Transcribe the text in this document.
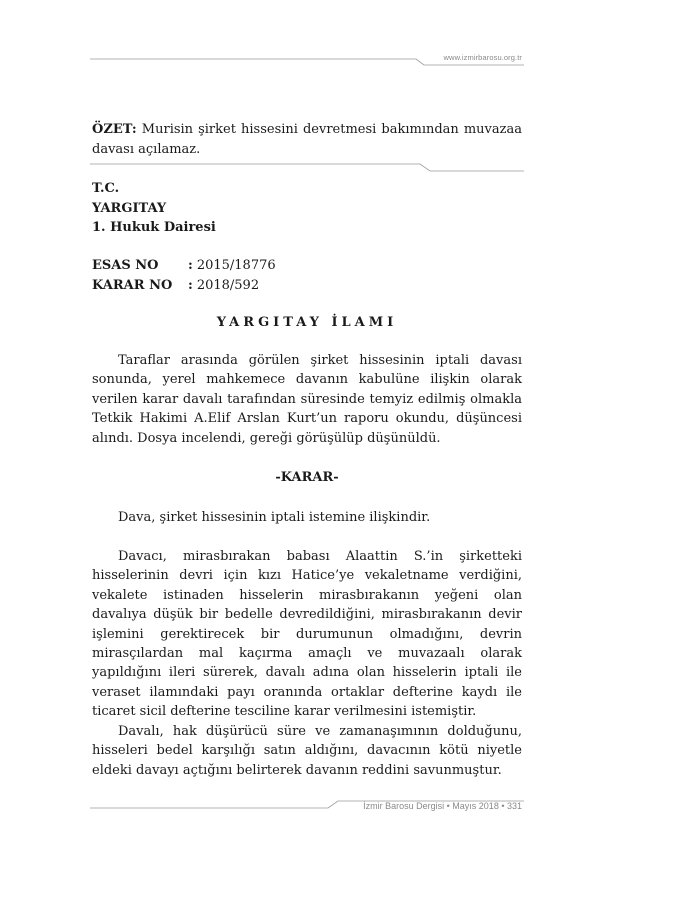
www.izmirbarosu.org.tr
ÖZET: Murisin şirket hissesini devretmesi bakımından muvazaa davası açılamaz.
T.C.
YARGITAY
1. Hukuk Dairesi
ESAS NO	: 2015/18776
KARAR NO	: 2018/592
YARGITAY İLAMI
Taraflar arasında görülen şirket hissesinin iptali davası sonunda, yerel mahkemece davanın kabulüne ilişkin olarak verilen karar davalı tarafından süresinde temyiz edilmiş olmakla Tetkik Hakimi A.Elif Arslan Kurt’un raporu okundu, düşüncesi alındı. Dosya incelendi, gereği görüşülüp düşünüldü.
-KARAR-
Dava, şirket hissesinin iptali istemine ilişkindir.
Davacı, mirasbırakan babası Alaattin S.’in şirketteki hisselerinin devri için kızı Hatice’ye vekaletname verdiğini, vekalete istinaden hisselerin mirasbırakanın yeğeni olan davalıya düşük bir bedelle devredildiğini, mirasbırakanın devir işlemini gerektirecek bir durumunun olmadığını, devrin mirasçılardan mal kaçırma amaçlı ve muvazaalı olarak yapıldığını ileri sürerek, davalı adına olan hisselerin iptali ile veraset ilamındaki payı oranında ortaklar defterine kaydı ile ticaret sicil defterine tesciline karar verilmesini istemiştir.
Davalı, hak düşürücü süre ve zamanaşımının dolduğunu, hisseleri bedel karşılığı satın aldığını, davacının kötü niyetle eldeki davayı açtığını belirterek davanın reddini savunmuştur.
İzmir Barosu Dergisi • Mayıs 2018 • 331
